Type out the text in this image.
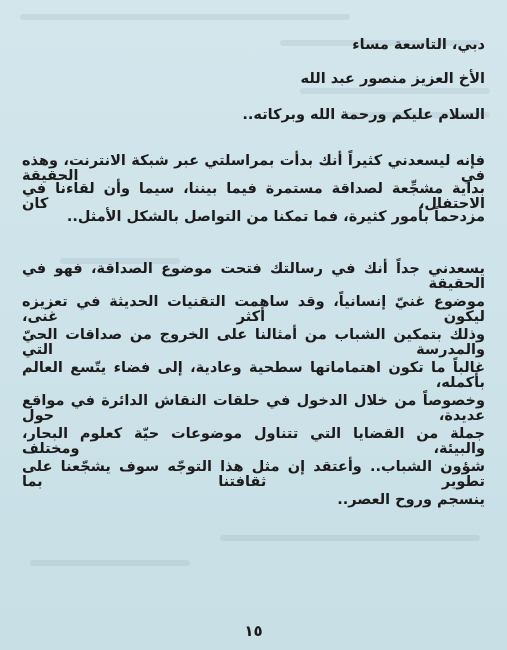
دبي، التاسعة مساء
الأخ العزيز منصور عبد الله
السلام عليكم ورحمة الله وبركاته..
فإنه ليسعدني كثيراً أنك بدأت بمراسلتي عبر شبكة الانترنت، وهذه في الحقيقة
بداية مشجِّعة لصداقة مستمرة فيما بيننا، سيما وأن لقاءنا في الاحتفال، كان
مزدحماً بأمور كثيرة، فما تمكنا من التواصل بالشكل الأمثل..
يسعدني جداً أنك في رسالتك فتحت موضوع الصداقة، فهو في الحقيقة
موضوع غنيّ إنسانياً، وقد ساهمت التقنيات الحديثة في تعزيزه ليكون أكثر غنى،
وذلك بتمكين الشباب من أمثالنا على الخروج من صداقات الحيّ والمدرسة التي
غالباً ما تكون اهتماماتها سطحية وعادية، إلى فضاء يتّسع العالم بأكمله،
وخصوصاً من خلال الدخول في حلقات النقاش الدائرة في مواقع عديدة، حول
جملة من القضايا التي تتناول موضوعات حيّة كعلوم البحار، والبيئة، ومختلف
شؤون الشباب.. وأعتقد إن مثل هذا التوجّه سوف يشجّعنا على تطوير ثقافتنا بما
ينسجم وروح العصر..
١٥
